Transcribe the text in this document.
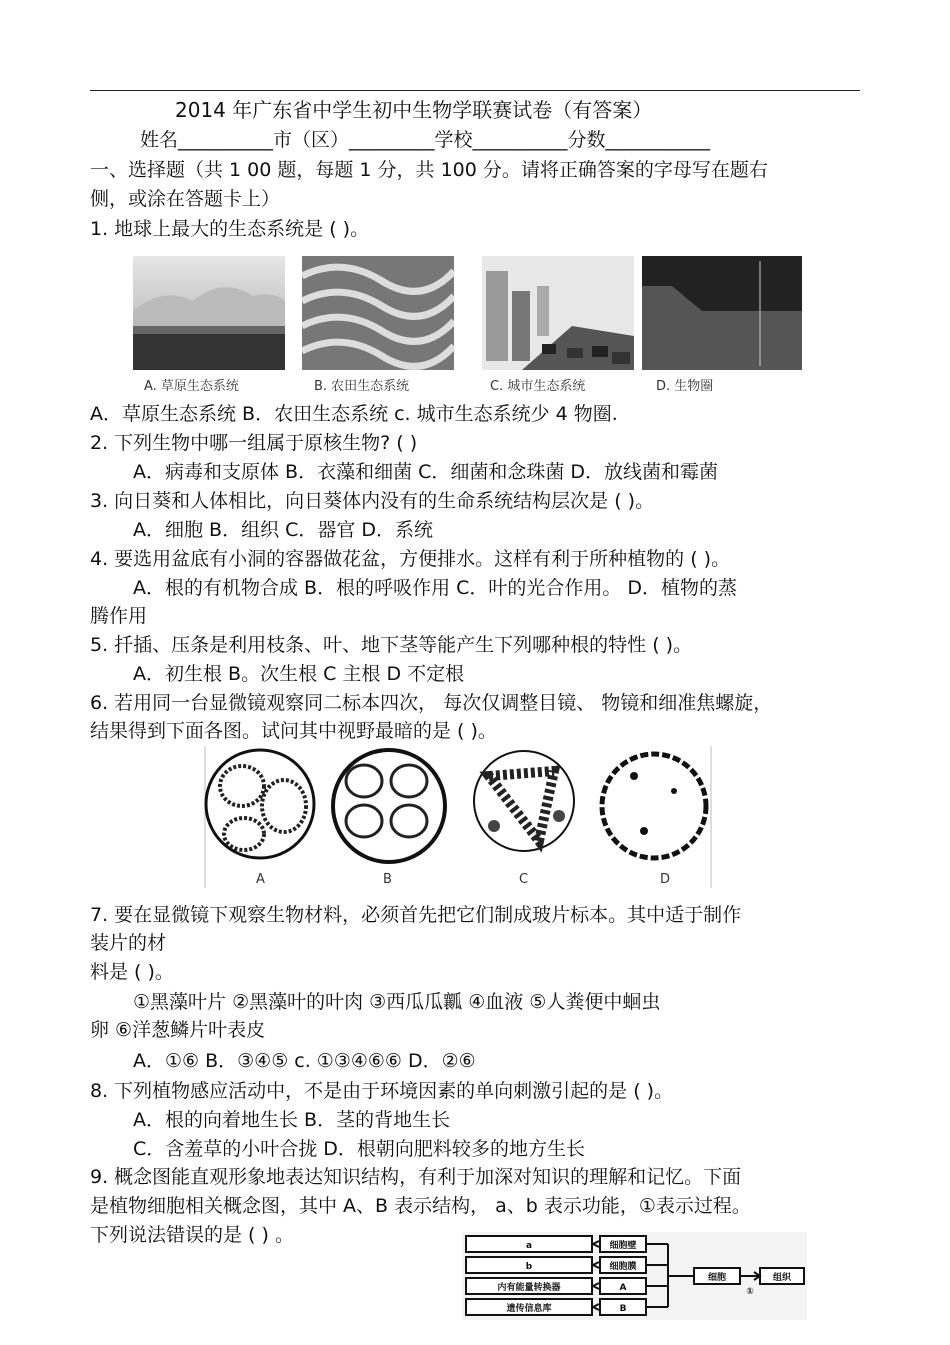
2014 年广东省中学生初中生物学联赛试卷（有答案）
姓名__________市（区）_________学校__________分数___________
一、选择题（共 1 00 题，每题 1 分，共 100 分。请将正确答案的字母写在题右
侧，或涂在答题卡上）
1. 地球上最大的生态系统是 ( )。
A. 草原生态系统	B. 农田生态系统	C. 城市生态系统	D. 生物圈
A．草原生态系统 B．农田生态系统 c. 城市生态系统少 4 物圈.
2. 下列生物中哪一组属于原核生物? ( )
A．病毒和支原体 B．衣藻和细菌 C．细菌和念珠菌 D．放线菌和霉菌
3. 向日葵和人体相比，向日葵体内没有的生命系统结构层次是 ( )。
A．细胞 B．组织 C．器官 D．系统
4. 要选用盆底有小洞的容器做花盆，方便排水。这样有利于所种植物的 ( )。
A．根的有机物合成 B．根的呼吸作用 C．叶的光合作用。 D．植物的蒸
腾作用
5. 扦插、压条是利用枝条、叶、地下茎等能产生下列哪种根的特性 ( )。
A．初生根 B。次生根 C 主根 D 不定根
6. 若用同一台显微镜观察同二标本四次， 每次仅调整目镜、 物镜和细准焦螺旋，
结果得到下面各图。试问其中视野最暗的是 ( )。
A	B	C	D
7. 要在显微镜下观察生物材料，必须首先把它们制成玻片标本。其中适于制作
装片的材
料是 ( )。
①黑藻叶片 ②黑藻叶的叶肉 ③西瓜瓜瓤 ④血液 ⑤人粪便中蛔虫
卵 ⑥洋葱鳞片叶表皮
A．①⑥ B．③④⑤ c. ①③④⑥⑥ D．②⑥
8. 下列植物感应活动中，不是由于环境因素的单向刺激引起的是 ( )。
A．根的向着地生长 B．茎的背地生长
C．含羞草的小叶合拢 D．根朝向肥料较多的地方生长
9. 概念图能直观形象地表达知识结构，有利于加深对知识的理解和记忆。下面
是植物细胞相关概念图，其中 A、B 表示结构， a、b 表示功能，①表示过程。
下列说法错误的是 ( ) 。	a
b
内有能量转换器
遗传信息库
细胞壁
细胞膜
A
B
细胞
①
组织
